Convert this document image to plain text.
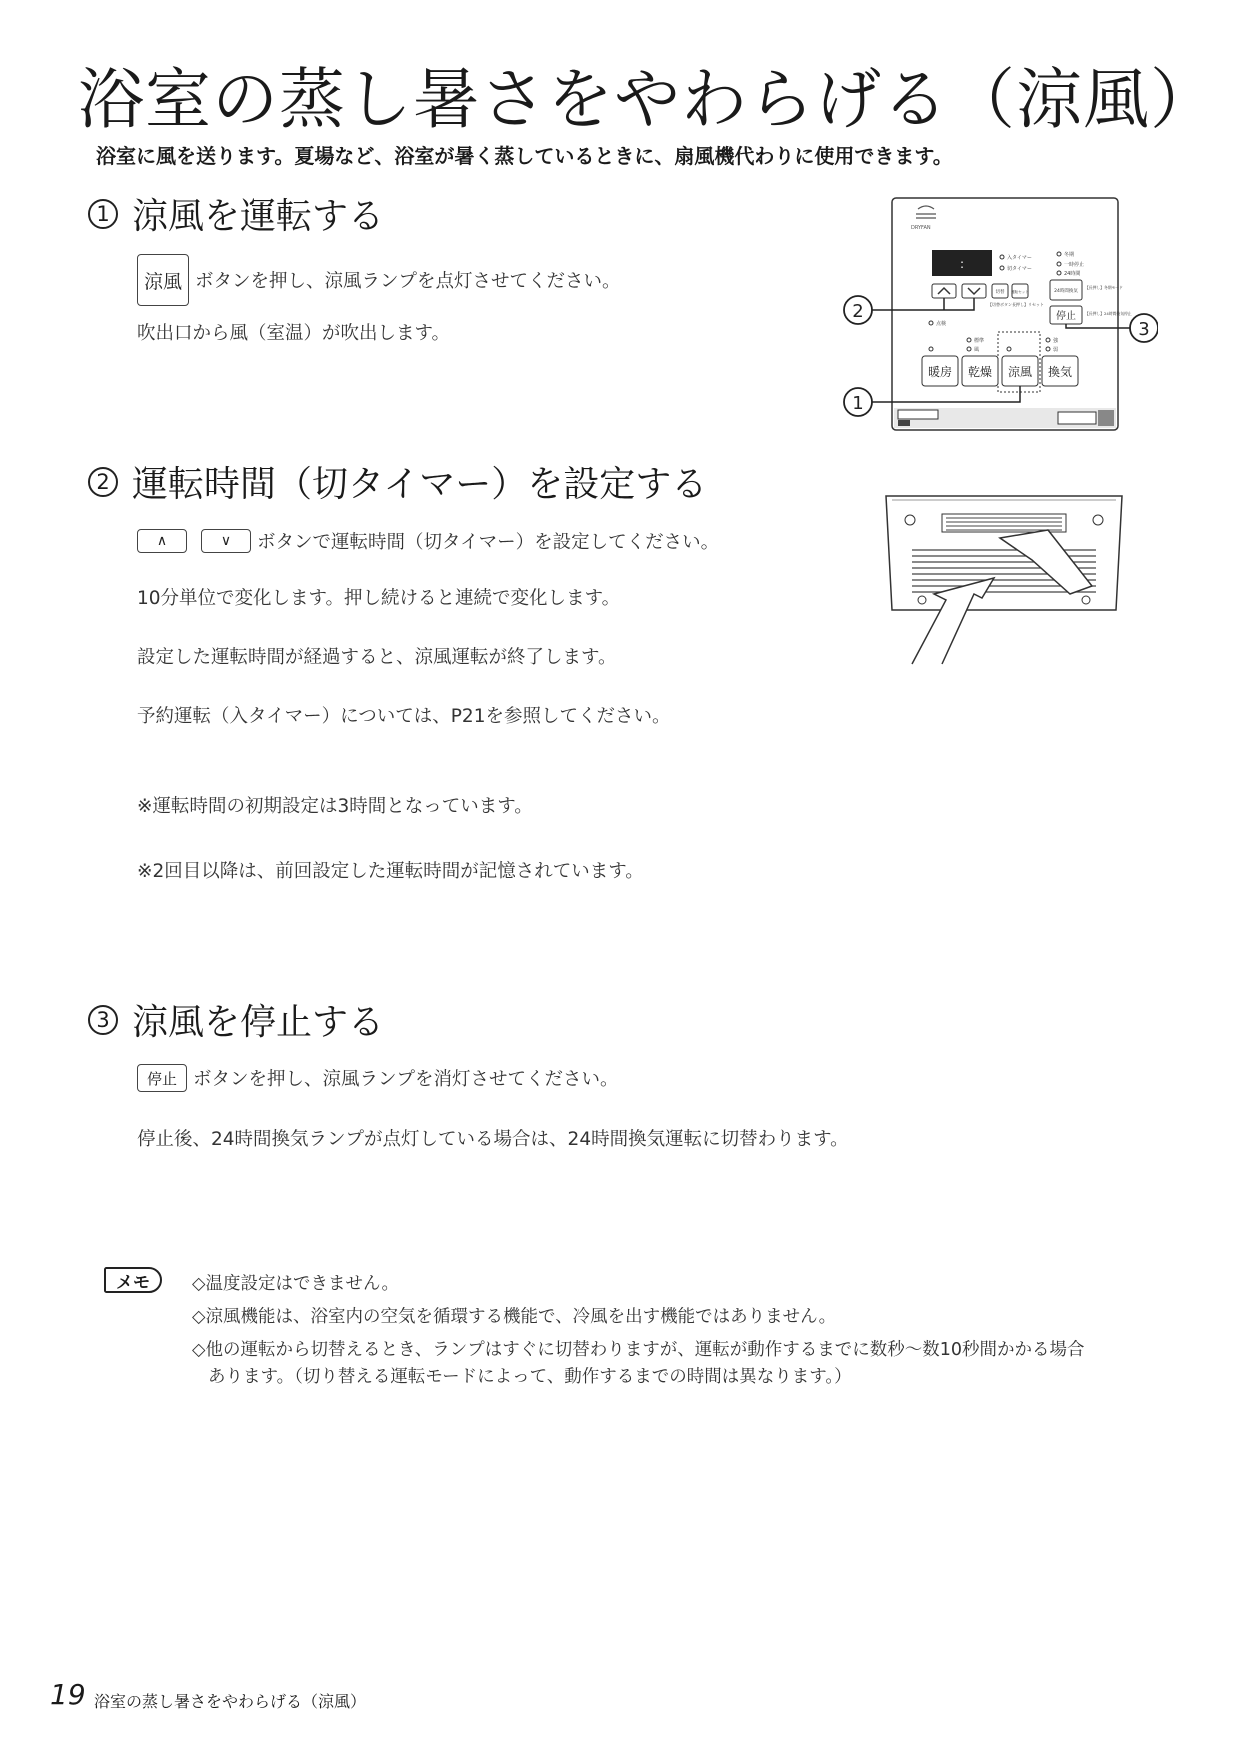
浴室の蒸し暑さをやわらげる（涼風）
浴室に風を送ります。夏場など、浴室が暑く蒸しているときに、扇風機代わりに使用できます。
1 涼風を運転する
涼風 ボタンを押し、涼風ランプを点灯させてください。
吹出口から風（室温）が吹出します。
DRYFAN
:	入タイマー
切タイマー
冬期
一時停止
24時間
切替 運転セット
【切替ボタン長押し】リセット
24時間換気
【長押し】冬期モード
停止 【長押し】24時間換気停止
点検
標準
風
強
弱
暖房 乾燥 涼風 換気
2
3
1
2 運転時間（切タイマー）を設定する
∧	∨	ボタンで運転時間（切タイマー）を設定してください。
10分単位で変化します。押し続けると連続で変化します。
設定した運転時間が経過すると、涼風運転が終了します。
予約運転（入タイマー）については、P21を参照してください。
※運転時間の初期設定は3時間となっています。
※2回目以降は、前回設定した運転時間が記憶されています。
3 涼風を停止する
停止 ボタンを押し、涼風ランプを消灯させてください。
停止後、24時間換気ランプが点灯している場合は、24時間換気運転に切替わります。
メモ	◇温度設定はできません。
◇涼風機能は、浴室内の空気を循環する機能で、冷風を出す機能ではありません。
◇他の運転から切替えるとき、ランプはすぐに切替わりますが、運転が動作するまでに数秒～数10秒間かかる場合
あります。（切り替える運転モードによって、動作するまでの時間は異なります。）
19 浴室の蒸し暑さをやわらげる（涼風）
